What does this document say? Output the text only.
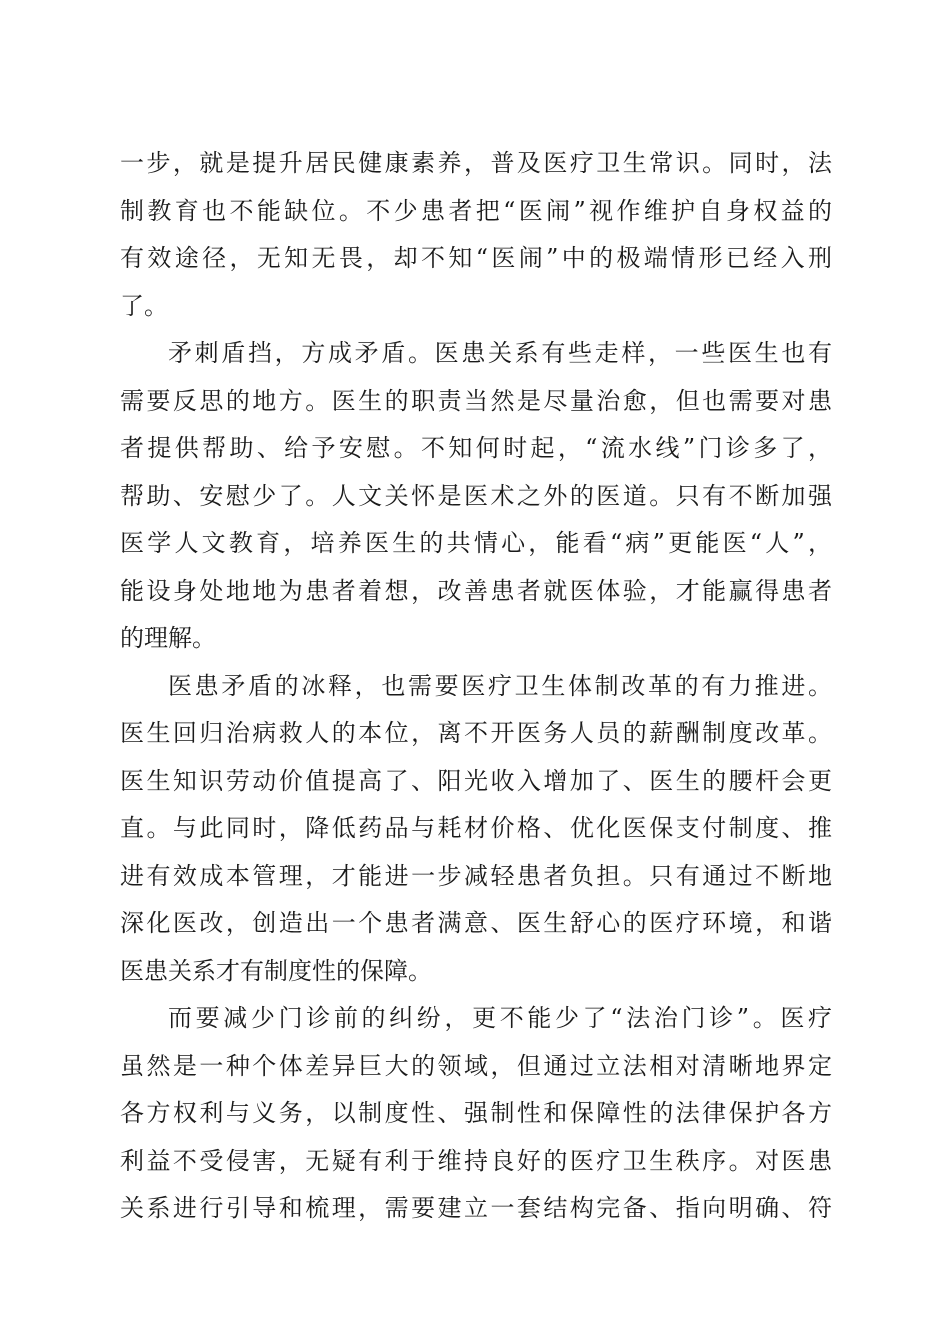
一步，就是提升居民健康素养，普及医疗卫生常识。同时，法
制教育也不能缺位。不少患者把“医闹”视作维护自身权益的
有效途径，无知无畏，却不知“医闹”中的极端情形已经入刑
了。
矛刺盾挡，方成矛盾。医患关系有些走样，一些医生也有
需要反思的地方。医生的职责当然是尽量治愈，但也需要对患
者提供帮助、给予安慰。不知何时起，“流水线”门诊多了，
帮助、安慰少了。人文关怀是医术之外的医道。只有不断加强
医学人文教育，培养医生的共情心，能看“病”更能医“人”，
能设身处地地为患者着想，改善患者就医体验，才能赢得患者
的理解。
医患矛盾的冰释，也需要医疗卫生体制改革的有力推进。
医生回归治病救人的本位，离不开医务人员的薪酬制度改革。
医生知识劳动价值提高了、阳光收入增加了、医生的腰杆会更
直。与此同时，降低药品与耗材价格、优化医保支付制度、推
进有效成本管理，才能进一步减轻患者负担。只有通过不断地
深化医改，创造出一个患者满意、医生舒心的医疗环境，和谐
医患关系才有制度性的保障。
而要减少门诊前的纠纷，更不能少了“法治门诊”。医疗
虽然是一种个体差异巨大的领域，但通过立法相对清晰地界定
各方权利与义务，以制度性、强制性和保障性的法律保护各方
利益不受侵害，无疑有利于维持良好的医疗卫生秩序。对医患
关系进行引导和梳理，需要建立一套结构完备、指向明确、符
